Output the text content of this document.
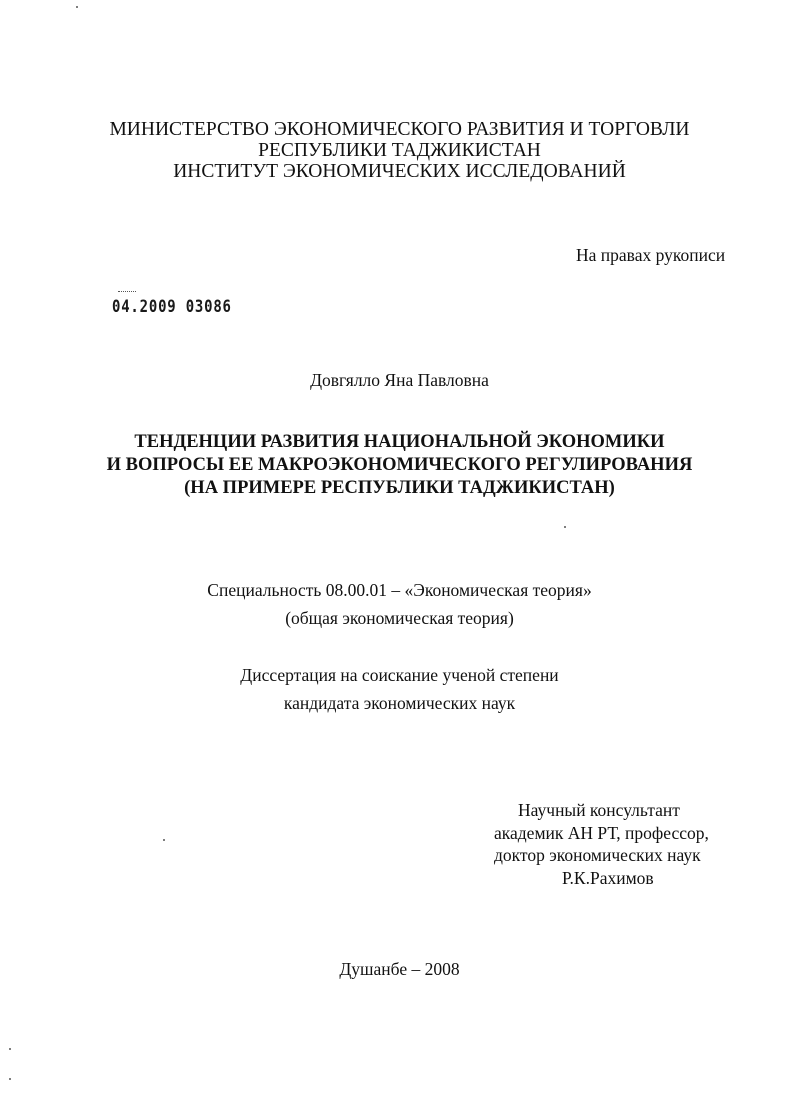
МИНИСТЕРСТВО ЭКОНОМИЧЕСКОГО РАЗВИТИЯ И ТОРГОВЛИ
РЕСПУБЛИКИ ТАДЖИКИСТАН
ИНСТИТУТ ЭКОНОМИЧЕСКИХ ИССЛЕДОВАНИЙ
На правах рукописи
04.2009 03086
Довгялло Яна Павловна
ТЕНДЕНЦИИ РАЗВИТИЯ НАЦИОНАЛЬНОЙ ЭКОНОМИКИ
И ВОПРОСЫ ЕЕ МАКРОЭКОНОМИЧЕСКОГО РЕГУЛИРОВАНИЯ
(НА ПРИМЕРЕ РЕСПУБЛИКИ ТАДЖИКИСТАН)
Специальность 08.00.01 – «Экономическая теория»
(общая экономическая теория)
Диссертация на соискание ученой степени
кандидата экономических наук
Научный консультант
академик АН РТ, профессор,
доктор экономических наук
Р.К.Рахимов
Душанбе – 2008
